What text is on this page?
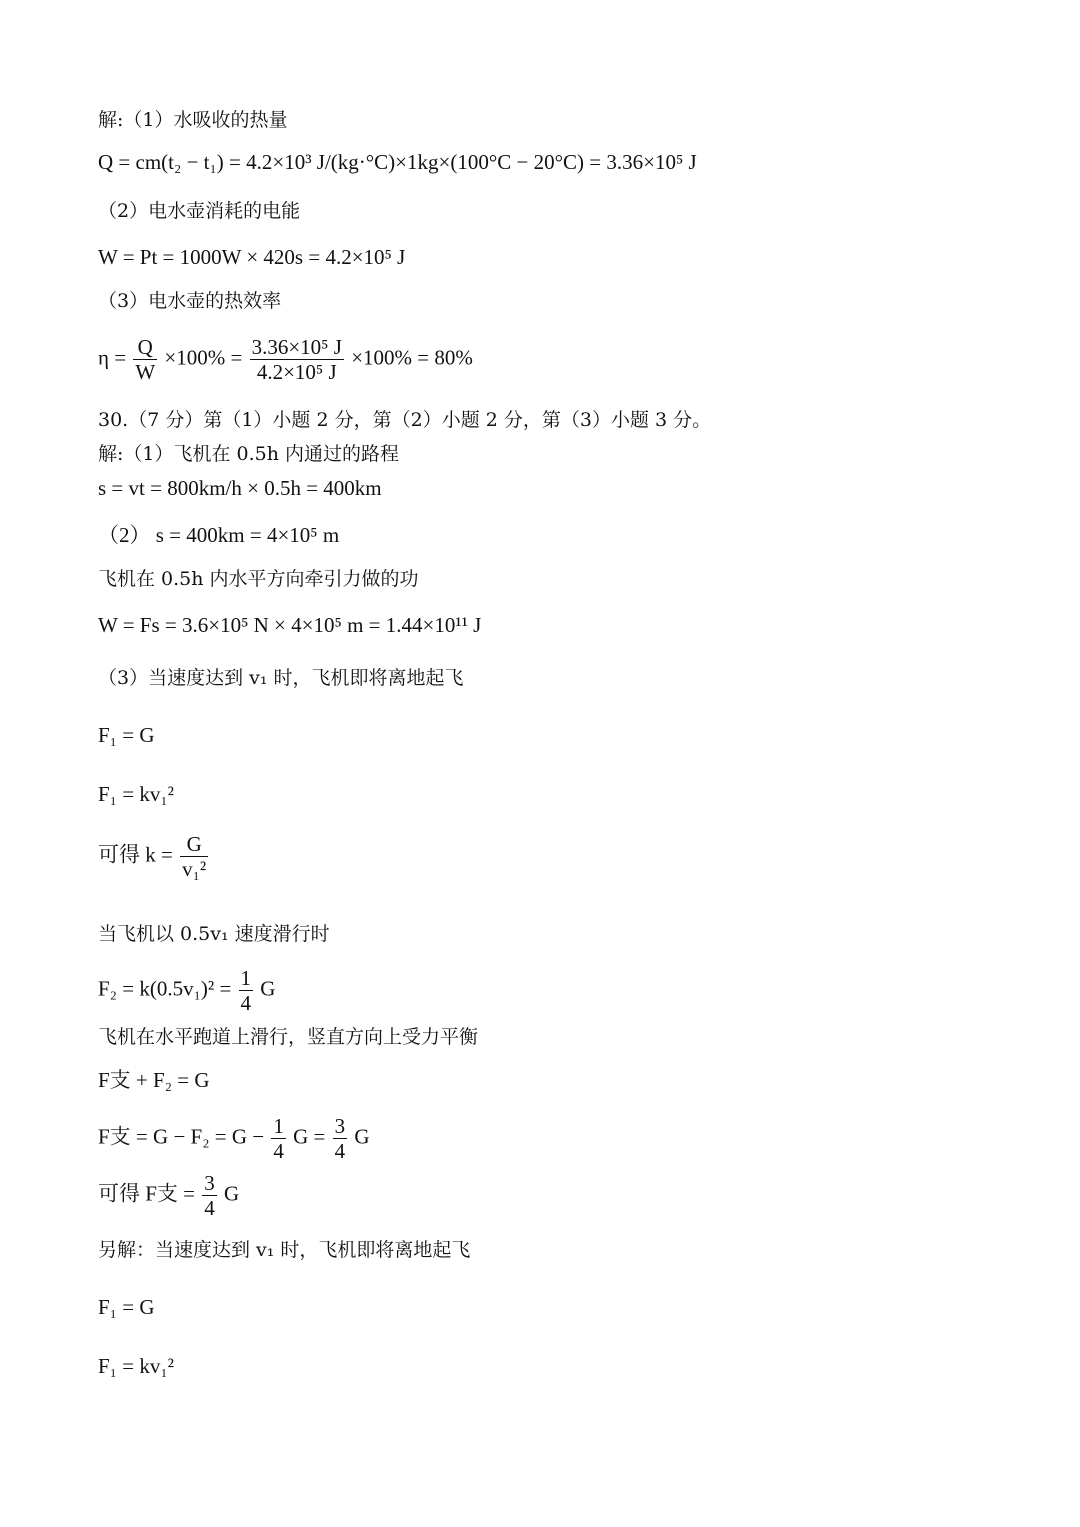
解:（1）水吸收的热量
Q = cm(t₂ − t₁) = 4.2×10³ J/(kg·°C)×1kg×(100°C − 20°C) = 3.36×10⁵ J
（2）电水壶消耗的电能
W = Pt = 1000W × 420s = 4.2×10⁵ J
（3）电水壶的热效率
$\eta = \frac{Q}{W} \times 100\% = \frac{\text{3.36×10⁵ J}}{\text{4.2×10⁵ J}} \times 100\% = 80\%$
30.（7 分）第（1）小题 2 分，第（2）小题 2 分，第（3）小题 3 分。
解:（1）飞机在 0.5h 内通过的路程
s = vt = 800km/h × 0.5h = 400km
（2） s = 400km = 4×10⁵ m
飞机在 0.5h 内水平方向牵引力做的功
W = Fs = 3.6×10⁵ N × 4×10⁵ m = 1.44×10¹¹ J
（3）当速度达到 v₁ 时，飞机即将离地起飞
F₁ = G
F₁ = kv₁²
可得 $k = \frac{G}{\text{v₁²}}$
当飞机以 0.5v₁ 速度滑行时
$F_2 = k(0.5v_1)^2 = \frac{1}{4}$ G
飞机在水平跑道上滑行，竖直方向上受力平衡
F支 + F₂ = G
F支 = $G - F_2 = G - \frac{1}{4}$ $G = \frac{3}{4}$ G
可得 F支 = $\frac{3}{4}$ G
另解：当速度达到 v₁ 时，飞机即将离地起飞
F₁ = G
F₁ = kv₁²
